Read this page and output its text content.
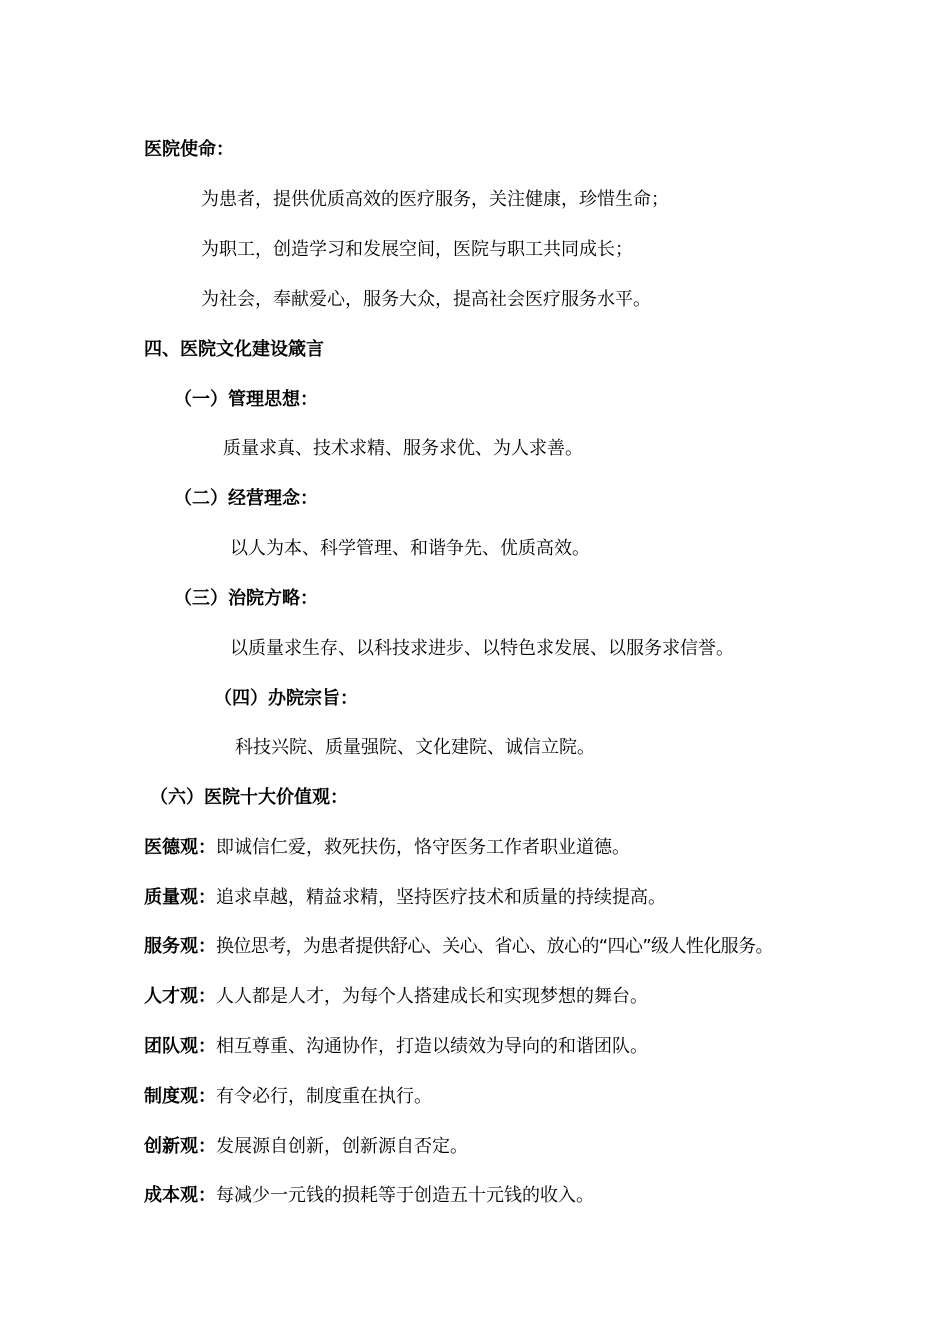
医院使命：
为患者，提供优质高效的医疗服务，关注健康，珍惜生命；
为职工，创造学习和发展空间，医院与职工共同成长；
为社会，奉献爱心，服务大众，提高社会医疗服务水平。
四、医院文化建设箴言
（一）管理思想：
质量求真、技术求精、服务求优、为人求善。
（二）经营理念：
以人为本、科学管理、和谐争先、优质高效。
（三）治院方略：
以质量求生存、以科技求进步、以特色求发展、以服务求信誉。
（四）办院宗旨：
科技兴院、质量强院、文化建院、诚信立院。
（六）医院十大价值观：
医德观：即诚信仁爱，救死扶伤，恪守医务工作者职业道德。
质量观：追求卓越，精益求精，坚持医疗技术和质量的持续提高。
服务观：换位思考，为患者提供舒心、关心、省心、放心的“四心”级人性化服务。
人才观：人人都是人才，为每个人搭建成长和实现梦想的舞台。
团队观：相互尊重、沟通协作，打造以绩效为导向的和谐团队。
制度观：有令必行，制度重在执行。
创新观：发展源自创新，创新源自否定。
成本观：每减少一元钱的损耗等于创造五十元钱的收入。
